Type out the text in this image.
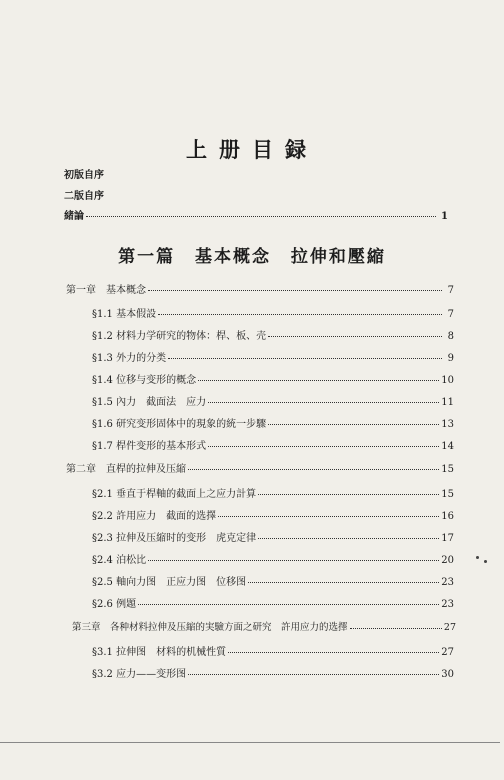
上册目録
初版自序
二版自序
緒論	1
第一篇 基本概念 拉伸和壓縮
第一章　基本概念	7
§1.1 基本假設	7
§1.2 材料力学研究的物体：桿、板、壳	8
§1.3 外力的分类	9
§1.4 位移与变形的概念	10
§1.5 內力　截面法　应力	11
§1.6 研究变形固体中的現象的統一步驟	13
§1.7 桿件变形的基本形式	14
第二章　直桿的拉伸及压縮	15
§2.1 垂直于桿軸的截面上之应力計算	15
§2.2 許用应力　截面的选擇	16
§2.3 拉伸及压縮时的变形　虎克定律	17
§2.4 泊松比	20
§2.5 軸向力图　正应力图　位移图	23
§2.6 例題	23
第三章　各种材料拉伸及压縮的実驗方面之研究　許用应力的选擇	27
§3.1 拉伸图　材料的机械性質	27
§3.2 应力——变形图	30
